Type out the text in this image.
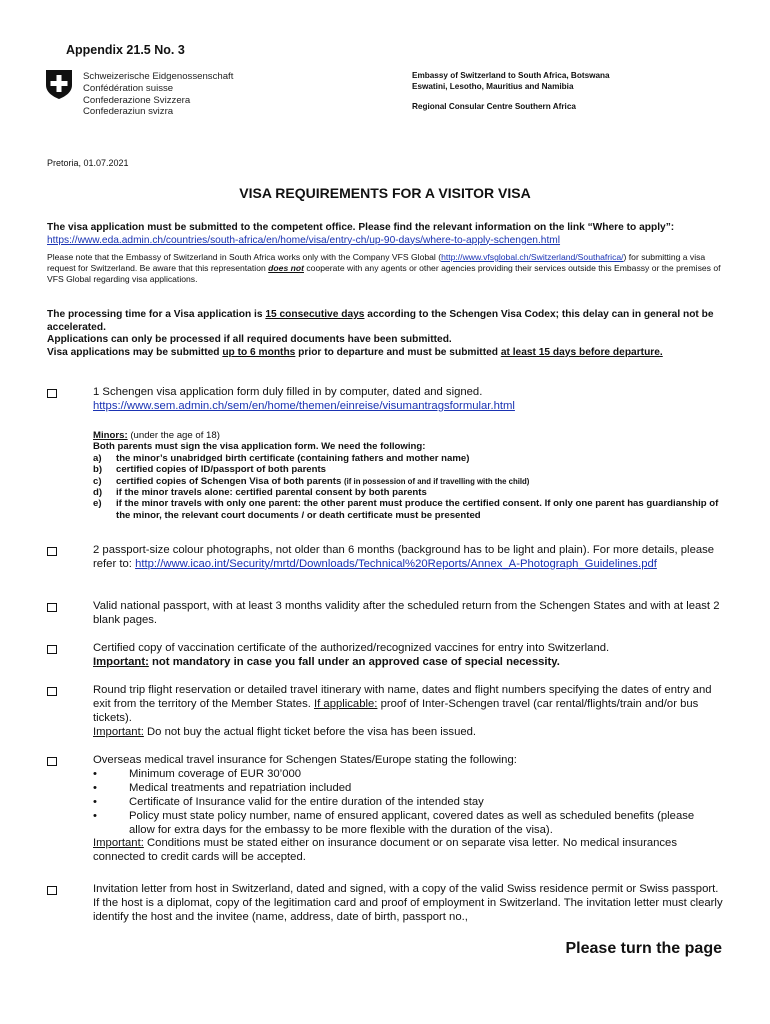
Appendix 21.5 No. 3
Schweizerische Eidgenossenschaft
Confédération suisse
Confederazione Svizzera
Confederaziun svizra
Embassy of Switzerland to South Africa, Botswana
Eswatini, Lesotho, Mauritius and Namibia
Regional Consular Centre Southern Africa
Pretoria, 01.07.2021
VISA REQUIREMENTS FOR A VISITOR VISA
The visa application must be submitted to the competent office. Please find the relevant information on the link “Where to apply”: https://www.eda.admin.ch/countries/south-africa/en/home/visa/entry-ch/up-90-days/where-to-apply-schengen.html
Please note that the Embassy of Switzerland in South Africa works only with the Company VFS Global (http://www.vfsglobal.ch/Switzerland/Southafrica/) for submitting a visa request for Switzerland. Be aware that this representation does not cooperate with any agents or other agencies providing their services outside this Embassy or the premises of VFS Global regarding visa applications.

The processing time for a Visa application is 15 consecutive days according to the Schengen Visa Codex; this delay can in general not be accelerated.

Applications can only be processed if all required documents have been submitted.

Visa applications may be submitted up to 6 months prior to departure and must be submitted at least 15 days before departure.

1 Schengen visa application form duly filled in by computer, dated and signed.

https://www.sem.admin.ch/sem/en/home/themen/einreise/visumantragsformular.html

Minors: (under the age of 18)

Both parents must sign the visa application form. We need the following:

a)	the minor’s unabridged birth certificate (containing fathers and mother name)
b)	certified copies of ID/passport of both parents
c)	certified copies of Schengen Visa of both parents (if in possession of and if travelling with the child)
d)	if the minor travels alone: certified parental consent by both parents
e)	if the minor travels with only one parent: the other parent must produce the certified consent. If only one parent has guardianship of the minor, the relevant court documents / or death certificate must be presented
2 passport-size colour photographs, not older than 6 months (background has to be light and plain). For more details, please refer to: http://www.icao.int/Security/mrtd/Downloads/Technical%20Reports/Annex_A-Photograph_Guidelines.pdf
Valid national passport, with at least 3 months validity after the scheduled return from the Schengen States and with at least 2 blank pages.

Certified copy of vaccination certificate of the authorized/recognized vaccines for entry into Switzerland.

Important: not mandatory in case you fall under an approved case of special necessity.

Round trip flight reservation or detailed travel itinerary with name, dates and flight numbers specifying the dates of entry and exit from the territory of the Member States. If applicable: proof of Inter-Schengen travel (car rental/flights/train and/or bus tickets).

Important: Do not buy the actual flight ticket before the visa has been issued.

Overseas medical travel insurance for Schengen States/Europe stating the following:

•	Minimum coverage of EUR 30’000
•	Medical treatments and repatriation included
•	Certificate of Insurance valid for the entire duration of the intended stay
•	Policy must state policy number, name of ensured applicant, covered dates as well as scheduled benefits (please allow for extra days for the embassy to be more flexible with the duration of the visa).

Important: Conditions must be stated either on insurance document or on separate visa letter. No medical insurances connected to credit cards will be accepted.

Invitation letter from host in Switzerland, dated and signed, with a copy of the valid Swiss residence permit or Swiss passport. If the host is a diplomat, copy of the legitimation card and proof of employment in Switzerland. The invitation letter must clearly identify the host and the invitee (name, address, date of birth, passport no.,
Please turn the page
